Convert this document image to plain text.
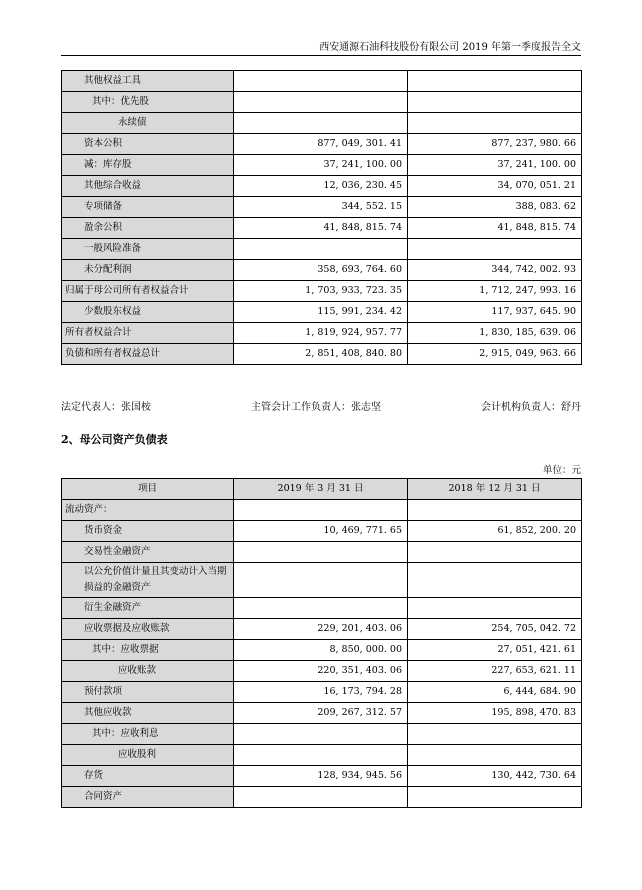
西安通源石油科技股份有限公司 2019 年第一季度报告全文
其他权益工具		
其中：优先股		
永续债		
资本公积	877, 049, 301. 41	877, 237, 980. 66
减：库存股	37, 241, 100. 00	37, 241, 100. 00
其他综合收益	12, 036, 230. 45	34, 070, 051. 21
专项储备	344, 552. 15	388, 083. 62
盈余公积	41, 848, 815. 74	41, 848, 815. 74
一般风险准备		
未分配利润	358, 693, 764. 60	344, 742, 002. 93
归属于母公司所有者权益合计	1, 703, 933, 723. 35	1, 712, 247, 993. 16
少数股东权益	115, 991, 234. 42	117, 937, 645. 90
所有者权益合计	1, 819, 924, 957. 77	1, 830, 185, 639. 06
负债和所有者权益总计	2, 851, 408, 840. 80	2, 915, 049, 963. 66
法定代表人：张国桉	主管会计工作负责人：张志坚	会计机构负责人：舒丹
2、母公司资产负债表
单位：元
项目	2019 年 3 月 31 日	2018 年 12 月 31 日
流动资产：		
货币资金	10, 469, 771. 65	61, 852, 200. 20
交易性金融资产		
以公允价值计量且其变动计入当期损益的金融资产		
衍生金融资产		
应收票据及应收账款	229, 201, 403. 06	254, 705, 042. 72
其中：应收票据	8, 850, 000. 00	27, 051, 421. 61
应收账款	220, 351, 403. 06	227, 653, 621. 11
预付款项	16, 173, 794. 28	6, 444, 684. 90
其他应收款	209, 267, 312. 57	195, 898, 470. 83
其中：应收利息		
应收股利		
存货	128, 934, 945. 56	130, 442, 730. 64
合同资产		
